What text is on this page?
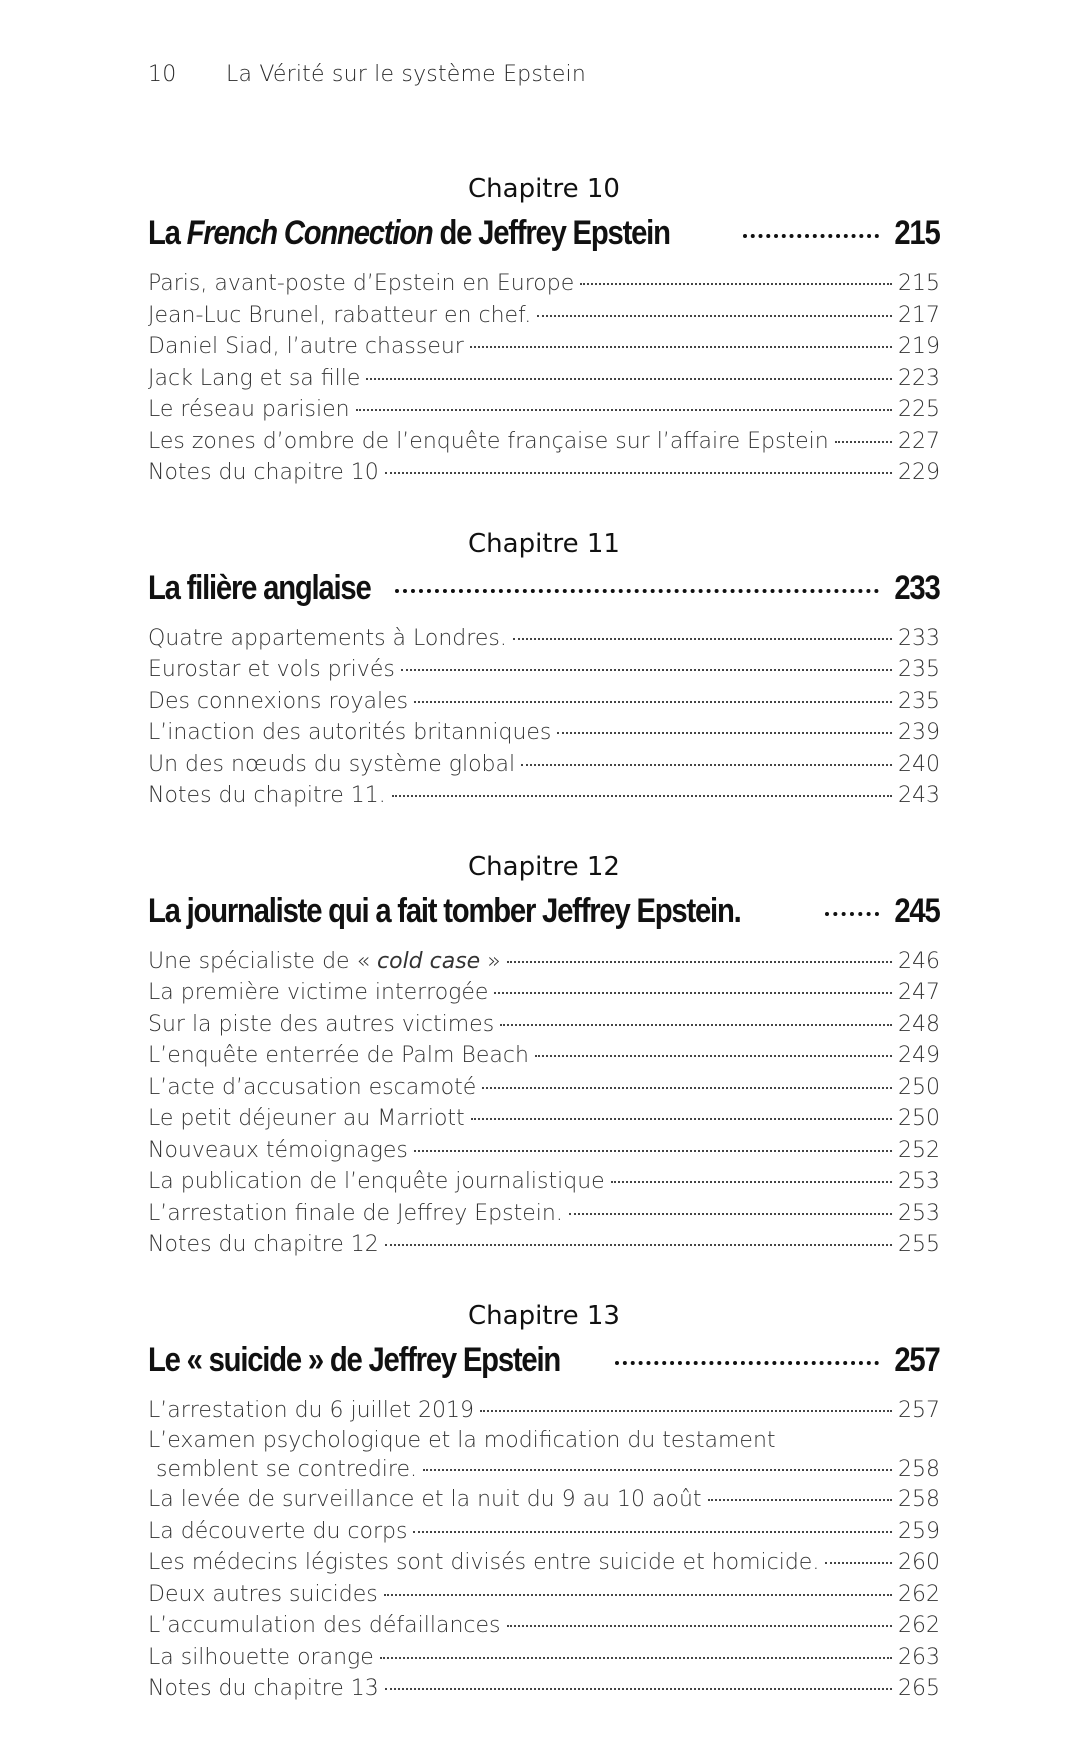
10 La Vérité sur le système Epstein
Chapitre 10
La French Connection de Jeffrey Epstein	215
Paris, avant-poste d’Epstein en Europe	215
Jean-Luc Brunel, rabatteur en chef.	217
Daniel Siad, l’autre chasseur	219
Jack Lang et sa fille	223
Le réseau parisien	225
Les zones d’ombre de l’enquête française sur l’affaire Epstein	227
Notes du chapitre 10	229
Chapitre 11
La filière anglaise	233
Quatre appartements à Londres.	233
Eurostar et vols privés	235
Des connexions royales	235
L’inaction des autorités britanniques	239
Un des nœuds du système global	240
Notes du chapitre 11.	243
Chapitre 12
La journaliste qui a fait tomber Jeffrey Epstein.	245
Une spécialiste de « cold case »	246
La première victime interrogée	247
Sur la piste des autres victimes	248
L’enquête enterrée de Palm Beach	249
L’acte d’accusation escamoté	250
Le petit déjeuner au Marriott	250
Nouveaux témoignages	252
La publication de l’enquête journalistique	253
L’arrestation finale de Jeffrey Epstein.	253
Notes du chapitre 12	255
Chapitre 13
Le « suicide » de Jeffrey Epstein	257
L’arrestation du 6 juillet 2019	257
L’examen psychologique et la modification du testament
semblent se contredire.	258
La levée de surveillance et la nuit du 9 au 10 août	258
La découverte du corps	259
Les médecins légistes sont divisés entre suicide et homicide.	260
Deux autres suicides	262
L’accumulation des défaillances	262
La silhouette orange	263
Notes du chapitre 13	265
